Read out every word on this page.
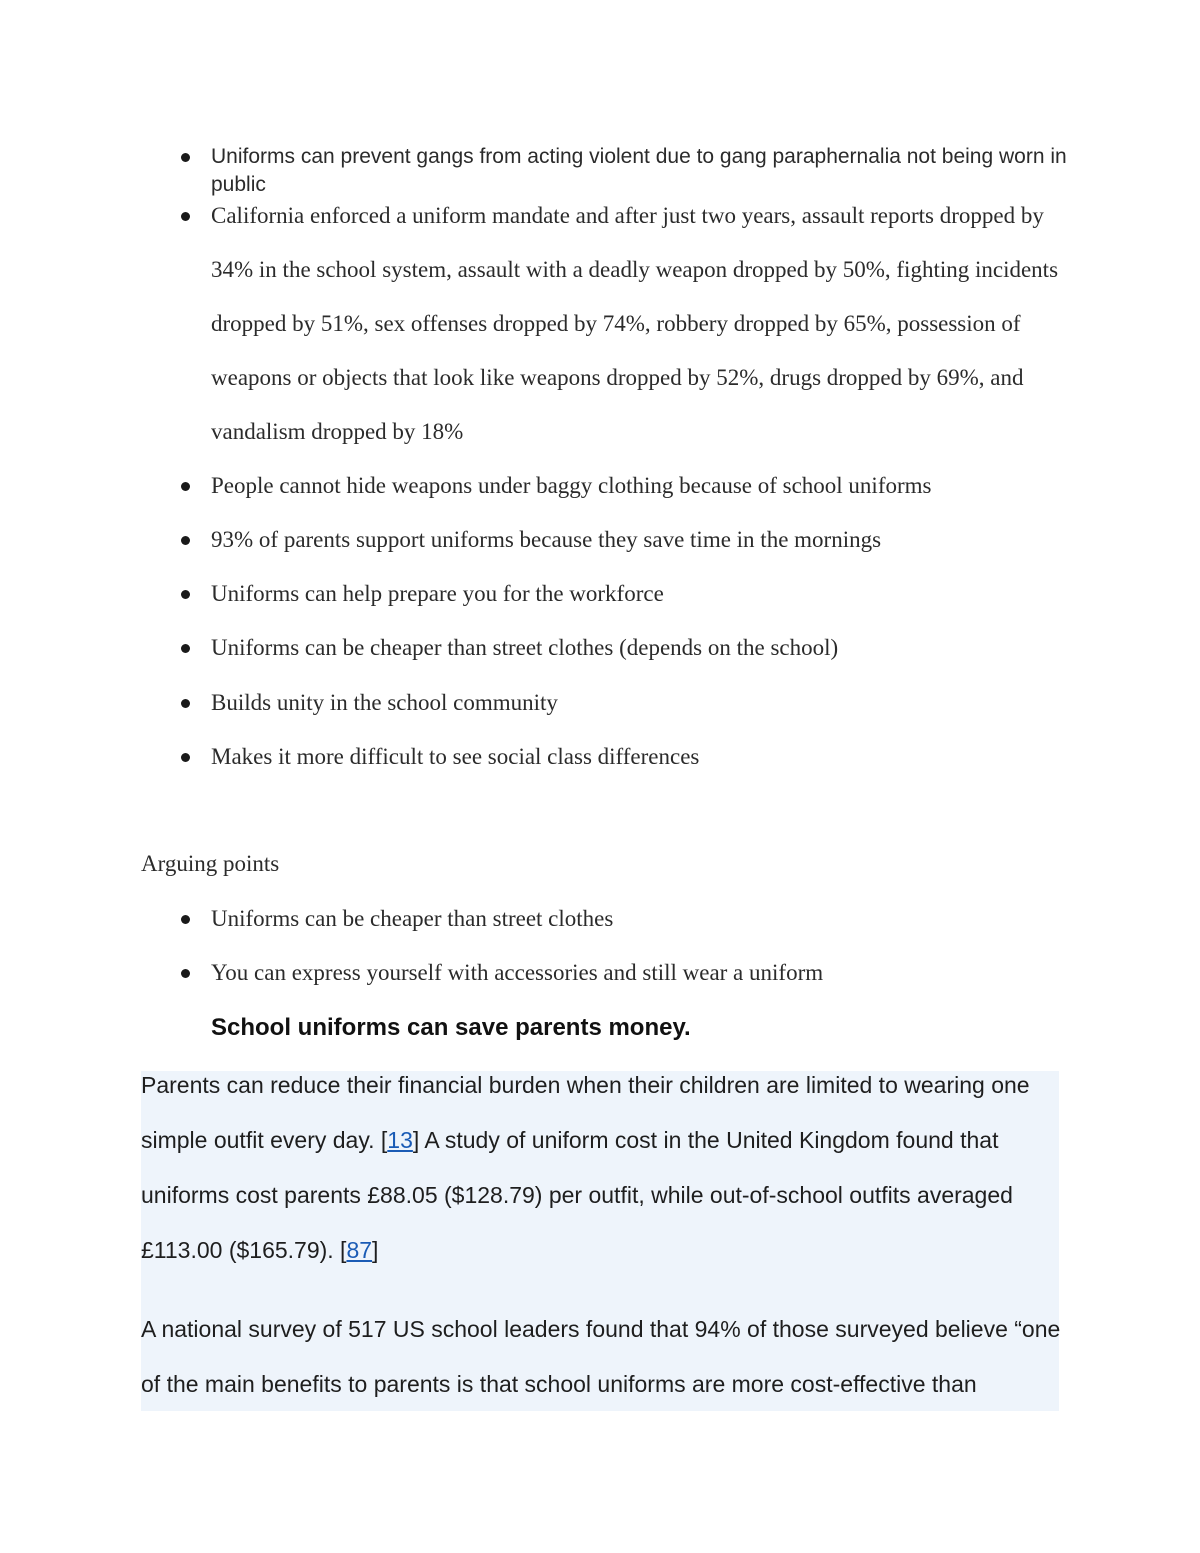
Uniforms can prevent gangs from acting violent due to gang paraphernalia not being worn in public
California enforced a uniform mandate and after just two years, assault reports dropped by 34% in the school system, assault with a deadly weapon dropped by 50%, fighting incidents dropped by 51%, sex offenses dropped by 74%, robbery dropped by 65%, possession of weapons or objects that look like weapons dropped by 52%, drugs dropped by 69%, and vandalism dropped by 18%
People cannot hide weapons under baggy clothing because of school uniforms
93% of parents support uniforms because they save time in the mornings
Uniforms can help prepare you for the workforce
Uniforms can be cheaper than street clothes (depends on the school)
Builds unity in the school community
Makes it more difficult to see social class differences
Arguing points
Uniforms can be cheaper than street clothes
You can express yourself with accessories and still wear a uniform
School uniforms can save parents money.
Parents can reduce their financial burden when their children are limited to wearing one simple outfit every day. [13] A study of uniform cost in the United Kingdom found that uniforms cost parents £88.05 ($128.79) per outfit, while out-of-school outfits averaged £113.00 ($165.79). [87]
A national survey of 517 US school leaders found that 94% of those surveyed believe “one of the main benefits to parents is that school uniforms are more cost-effective than
